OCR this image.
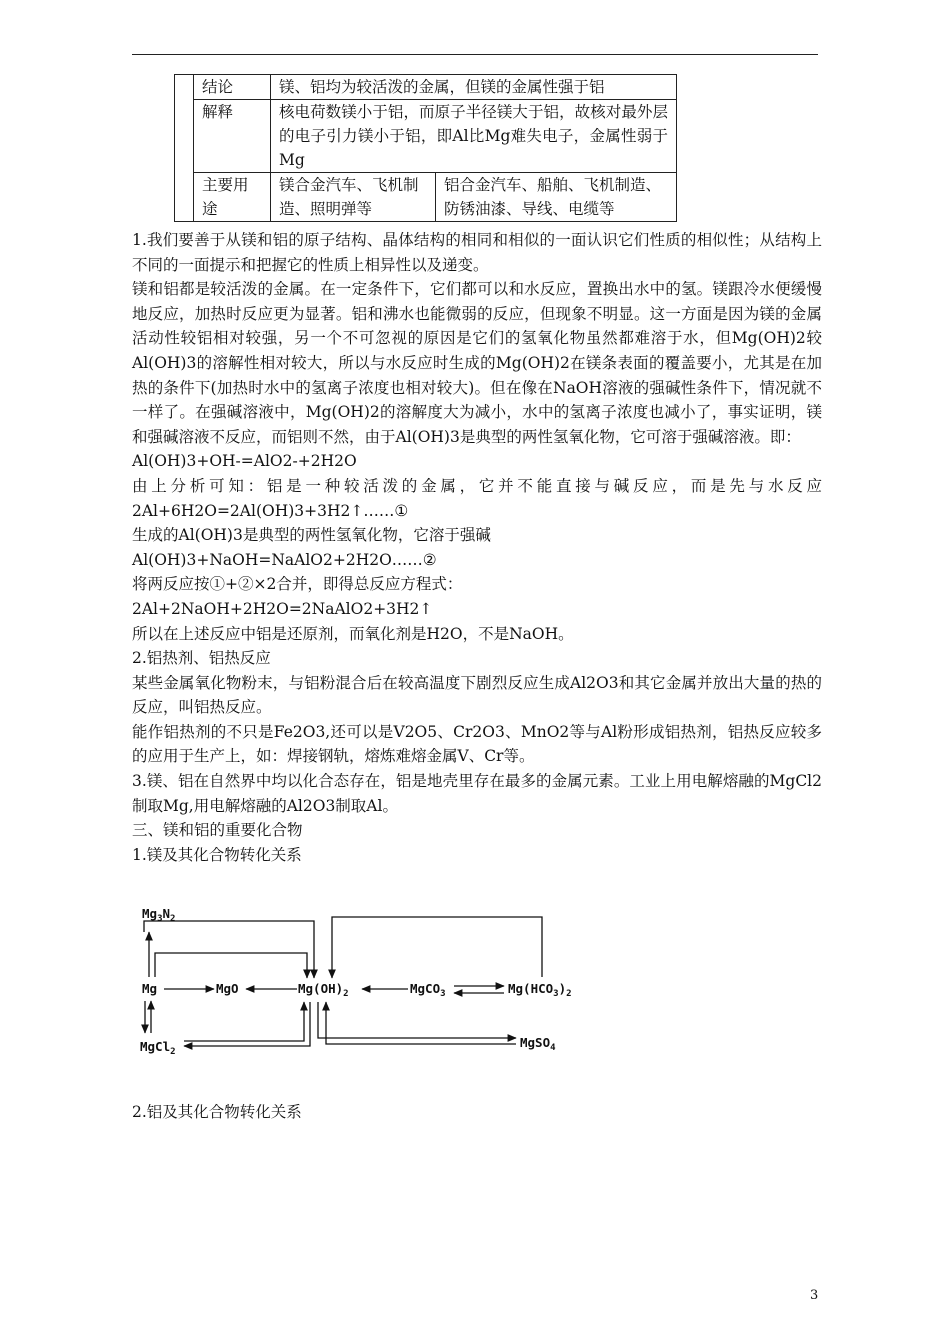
	结论	镁、铝均为较活泼的金属，但镁的金属性强于铝	
	解释	核电荷数镁小于铝，而原子半径镁大于铝，故核对最外层的电子引力镁小于铝，即Al比Mg难失电子，金属性弱于Mg	
	主要用途	镁合金汽车、飞机制造、照明弹等	铝合金汽车、船舶、飞机制造、防锈油漆、导线、电缆等

1.我们要善于从镁和铝的原子结构、晶体结构的相同和相似的一面认识它们性质的相似性；从结构上不同的一面提示和把握它的性质上相异性以及递变。

镁和铝都是较活泼的金属。在一定条件下，它们都可以和水反应，置换出水中的氢。镁跟冷水便缓慢地反应，加热时反应更为显著。铝和沸水也能微弱的反应，但现象不明显。这一方面是因为镁的金属活动性较铝相对较强，另一个不可忽视的原因是它们的氢氧化物虽然都难溶于水，但Mg(OH)2较Al(OH)3的溶解性相对较大，所以与水反应时生成的Mg(OH)2在镁条表面的覆盖要小，尤其是在加热的条件下(加热时水中的氢离子浓度也相对较大)。但在像在NaOH溶液的强碱性条件下，情况就不一样了。在强碱溶液中，Mg(OH)2的溶解度大为减小，水中的氢离子浓度也减小了，事实证明，镁和强碱溶液不反应，而铝则不然，由于Al(OH)3是典型的两性氢氧化物，它可溶于强碱溶液。即：

Al(OH)3+OH-=AlO2-+2H2O

由上分析可知：铝是一种较活泼的金属，它并不能直接与碱反应，而是先与水反应

2Al+6H2O=2Al(OH)3+3H2↑……①

生成的Al(OH)3是典型的两性氢氧化物，它溶于强碱

Al(OH)3+NaOH=NaAlO2+2H2O……②

将两反应按①+②×2合并，即得总反应方程式：

2Al+2NaOH+2H2O=2NaAlO2+3H2↑

所以在上述反应中铝是还原剂，而氧化剂是H2O，不是NaOH。

2.铝热剂、铝热反应

某些金属氧化物粉末，与铝粉混合后在较高温度下剧烈反应生成Al2O3和其它金属并放出大量的热的反应，叫铝热反应。

能作铝热剂的不只是Fe2O3,还可以是V2O5、Cr2O3、MnO2等与Al粉形成铝热剂，铝热反应较多的应用于生产上，如：焊接钢轨，熔炼难熔金属V、Cr等。

3.镁、铝在自然界中均以化合态存在，铝是地壳里存在最多的金属元素。工业上用电解熔融的MgCl2制取Mg,用电解熔融的Al2O3制取Al。

三、镁和铝的重要化合物

1.镁及其化合物转化关系

$Mg_3N_2$
Mg	MgO	$Mg(OH)_2$	MgCO$_3$	$Mg(HCO_3)_2$
MgCl$_2$
MgSO$_4$
2.铝及其化合物转化关系
3
